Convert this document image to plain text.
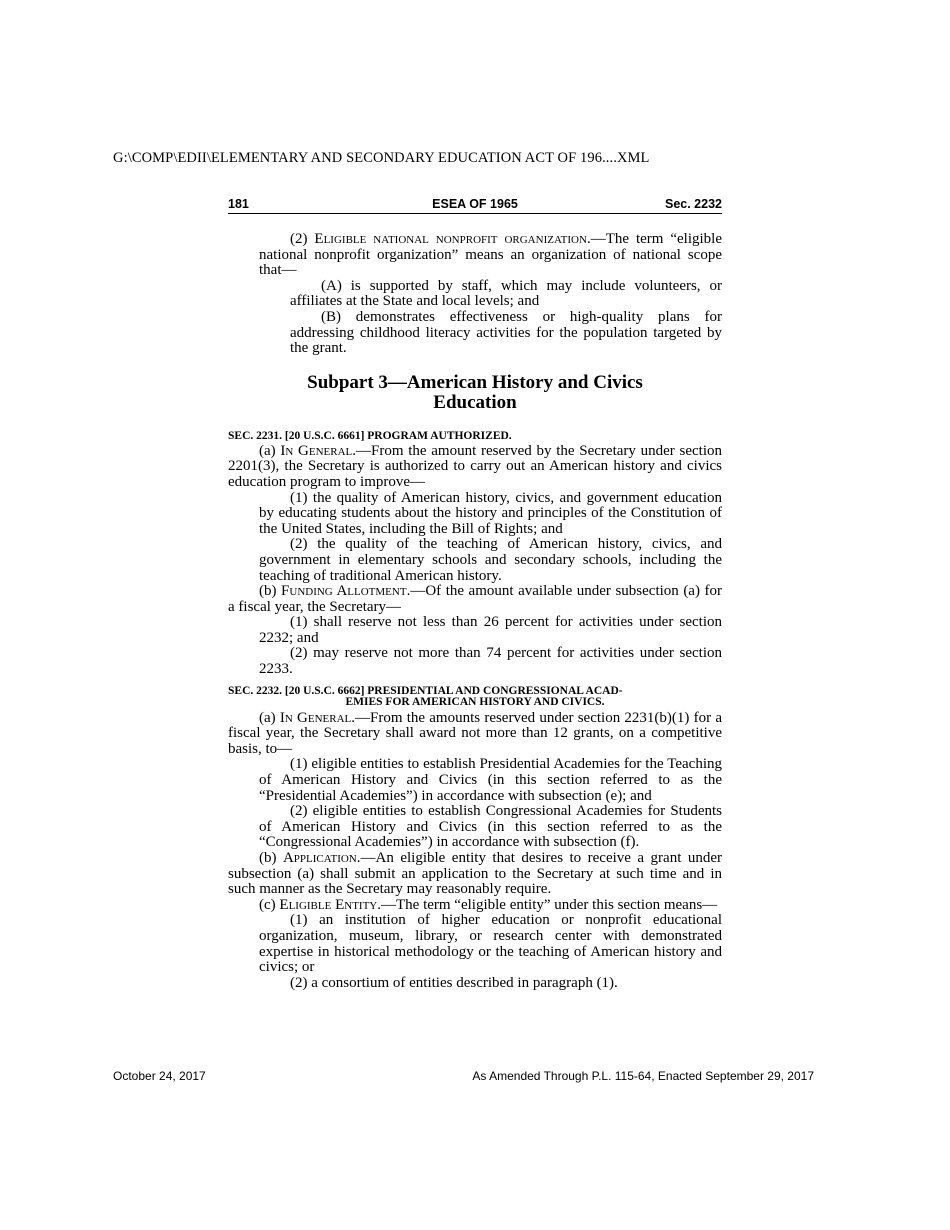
G:\COMP\EDII\ELEMENTARY AND SECONDARY EDUCATION ACT OF 196....XML
181	ESEA OF 1965	Sec. 2232

(2) Eligible national nonprofit organization.—The term “eligible national nonprofit organization” means an organization of national scope that—

(A) is supported by staff, which may include volunteers, or affiliates at the State and local levels; and

(B) demonstrates effectiveness or high-quality plans for addressing childhood literacy activities for the population targeted by the grant.

Subpart 3—American History and Civics
Education

SEC. 2231. [20 U.S.C. 6661] PROGRAM AUTHORIZED.

(a) In General.—From the amount reserved by the Secretary under section 2201(3), the Secretary is authorized to carry out an American history and civics education program to improve—

(1) the quality of American history, civics, and government education by educating students about the history and principles of the Constitution of the United States, including the Bill of Rights; and

(2) the quality of the teaching of American history, civics, and government in elementary schools and secondary schools, including the teaching of traditional American history.

(b) Funding Allotment.—Of the amount available under subsection (a) for a fiscal year, the Secretary—

(1) shall reserve not less than 26 percent for activities under section 2232; and

(2) may reserve not more than 74 percent for activities under section 2233.

SEC. 2232. [20 U.S.C. 6662] PRESIDENTIAL AND CONGRESSIONAL ACAD-
EMIES FOR AMERICAN HISTORY AND CIVICS.

(a) In General.—From the amounts reserved under section 2231(b)(1) for a fiscal year, the Secretary shall award not more than 12 grants, on a competitive basis, to—

(1) eligible entities to establish Presidential Academies for the Teaching of American History and Civics (in this section referred to as the “Presidential Academies”) in accordance with subsection (e); and

(2) eligible entities to establish Congressional Academies for Students of American History and Civics (in this section referred to as the “Congressional Academies”) in accordance with subsection (f).

(b) Application.—An eligible entity that desires to receive a grant under subsection (a) shall submit an application to the Secretary at such time and in such manner as the Secretary may reasonably require.

(c) Eligible Entity.—The term “eligible entity” under this section means—

(1) an institution of higher education or nonprofit educational organization, museum, library, or research center with demonstrated expertise in historical methodology or the teaching of American history and civics; or

(2) a consortium of entities described in paragraph (1).

October 24, 2017	As Amended Through P.L. 115-64, Enacted September 29, 2017
